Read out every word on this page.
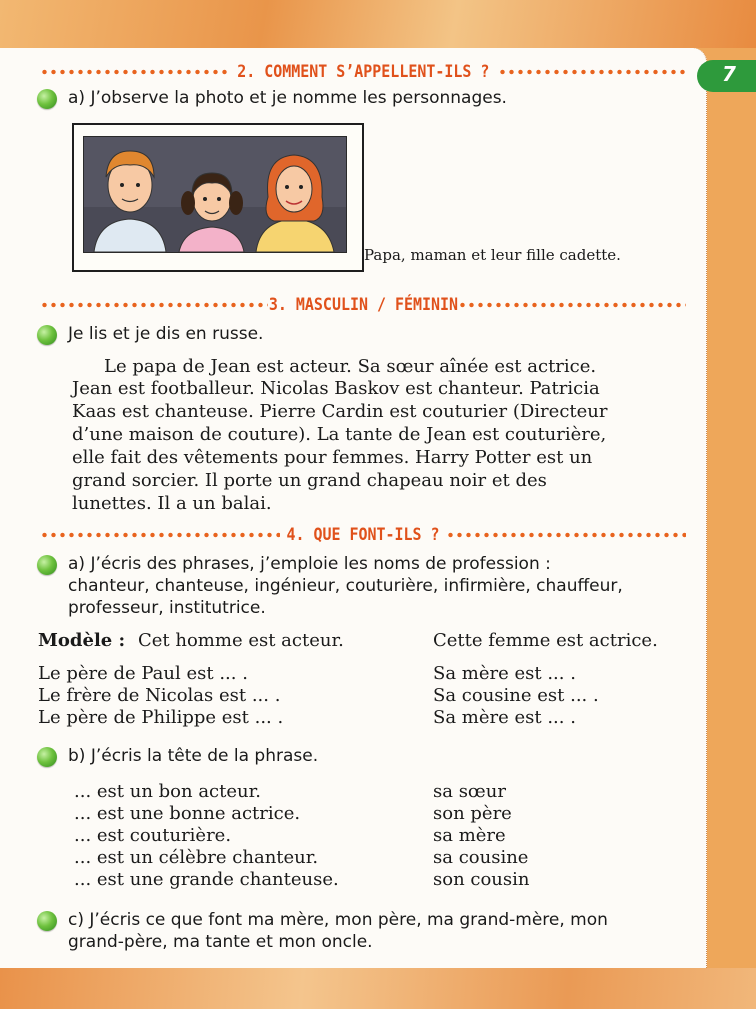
7
2. COMMENT S’APPELLENT-ILS ?
a) J’observe la photo et je nomme les personnages.
Papa, maman et leur fille cadette.
3. MASCULIN / FÉMININ
Je lis et je dis en russe.
Le papa de Jean est acteur. Sa sœur aînée est actrice.
Jean est footballeur. Nicolas Baskov est chanteur. Patricia
Kaas est chanteuse. Pierre Cardin est couturier (Directeur
d’une maison de couture). La tante de Jean est couturière,
elle fait des vêtements pour femmes. Harry Potter est un
grand sorcier. Il porte un grand chapeau noir et des
lunettes. Il a un balai.
4. QUE FONT-ILS ?
a) J’écris des phrases, j’emploie les noms de profession :
chanteur, chanteuse, ingénieur, couturière, infirmière, chauffeur,
professeur, institutrice.
Modèle : Cet homme est acteur.	Cette femme est actrice.
Le père de Paul est ... .
Le frère de Nicolas est ... .
Le père de Philippe est ... .
Sa mère est ... .
Sa cousine est ... .
Sa mère est ... .
b) J’écris la tête de la phrase.
... est un bon acteur.
... est une bonne actrice.
... est couturière.
... est un célèbre chanteur.
... est une grande chanteuse.
sa sœur
son père
sa mère
sa cousine
son cousin
c) J’écris ce que font ma mère, mon père, ma grand-mère, mon
grand-père, ma tante et mon oncle.
